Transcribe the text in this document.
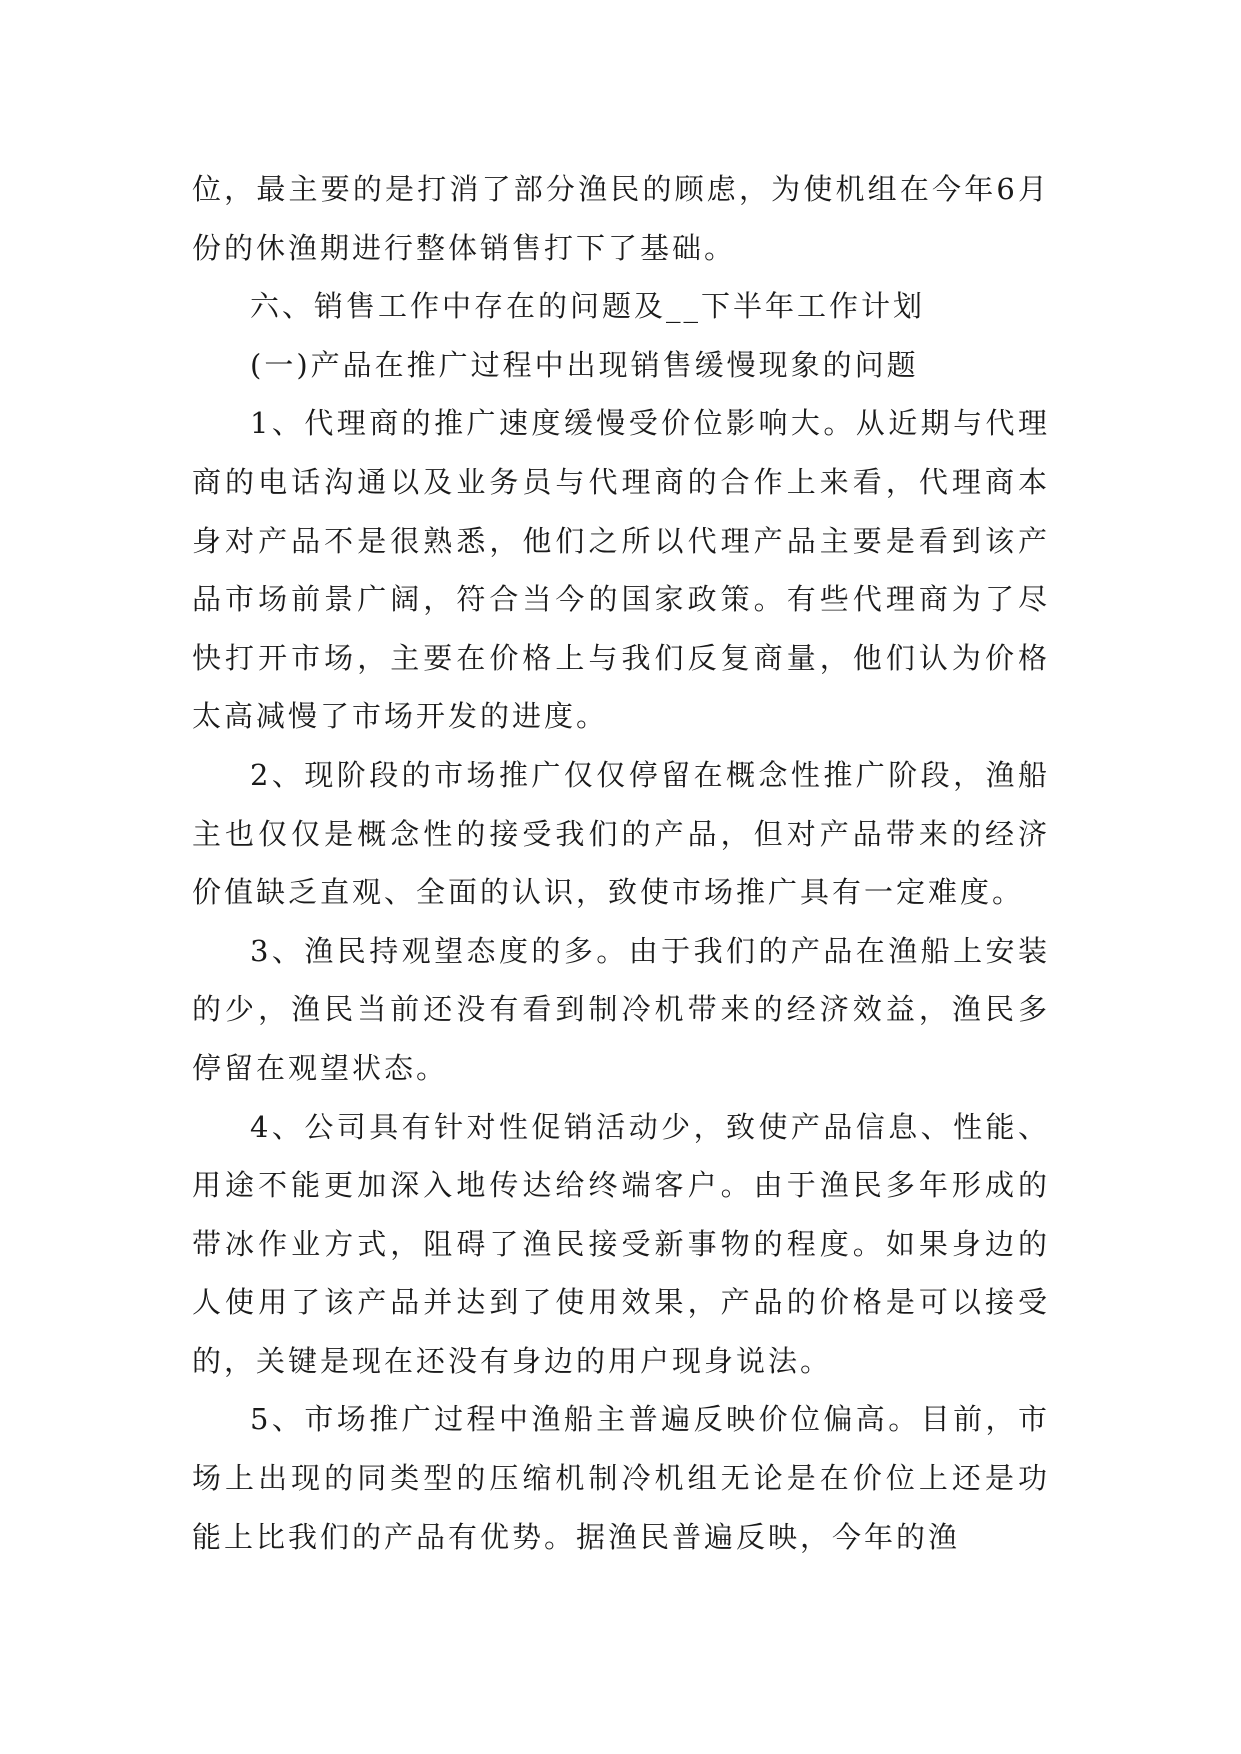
位，最主要的是打消了部分渔民的顾虑，为使机组在今年6月份的休渔期进行整体销售打下了基础。

六、销售工作中存在的问题及__下半年工作计划

(一)产品在推广过程中出现销售缓慢现象的问题

1、代理商的推广速度缓慢受价位影响大。从近期与代理商的电话沟通以及业务员与代理商的合作上来看，代理商本身对产品不是很熟悉，他们之所以代理产品主要是看到该产品市场前景广阔，符合当今的国家政策。有些代理商为了尽快打开市场，主要在价格上与我们反复商量，他们认为价格太高减慢了市场开发的进度。

2、现阶段的市场推广仅仅停留在概念性推广阶段，渔船主也仅仅是概念性的接受我们的产品，但对产品带来的经济价值缺乏直观、全面的认识，致使市场推广具有一定难度。

3、渔民持观望态度的多。由于我们的产品在渔船上安装的少，渔民当前还没有看到制冷机带来的经济效益，渔民多停留在观望状态。

4、公司具有针对性促销活动少，致使产品信息、性能、用途不能更加深入地传达给终端客户。由于渔民多年形成的带冰作业方式，阻碍了渔民接受新事物的程度。如果身边的人使用了该产品并达到了使用效果，产品的价格是可以接受的，关键是现在还没有身边的用户现身说法。

5、市场推广过程中渔船主普遍反映价位偏高。目前，市场上出现的同类型的压缩机制冷机组无论是在价位上还是功能上比我们的产品有优势。据渔民普遍反映，今年的渔
